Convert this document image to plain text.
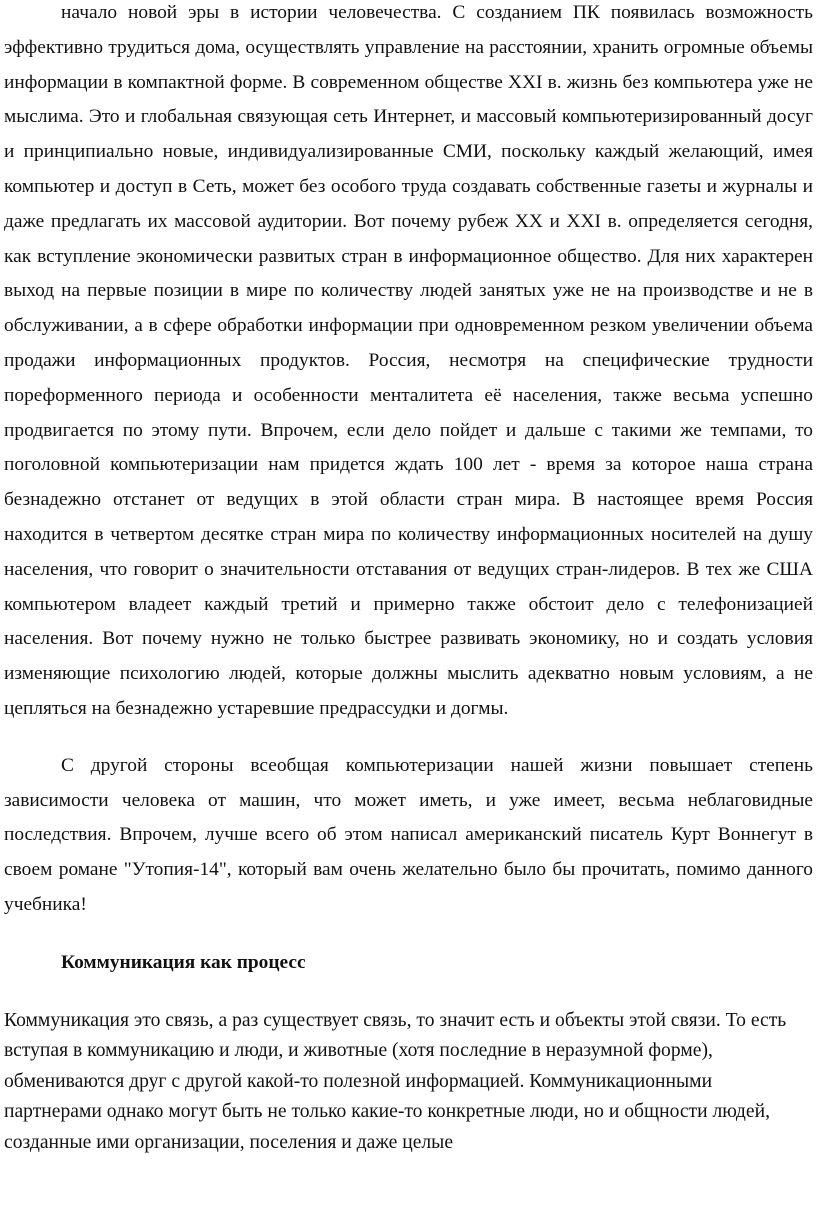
начало новой эры в истории человечества. С созданием ПК появилась возможность эффективно трудиться дома, осуществлять управление на расстоянии, хранить огромные объемы информации в компактной форме. В современном обществе XXI в. жизнь без компьютера уже не мыслима. Это и глобальная связующая сеть Интернет, и массовый компьютеризированный досуг и принципиально новые, индивидуализированные СМИ, поскольку каждый желающий, имея компьютер и доступ в Сеть, может без особого труда создавать собственные газеты и журналы и даже предлагать их массовой аудитории. Вот почему рубеж XX и XXI в. определяется сегодня, как вступление экономически развитых стран в информационное общество. Для них характерен выход на первые позиции в мире по количеству людей занятых уже не на производстве и не в обслуживании, а в сфере обработки информации при одновременном резком увеличении объема продажи информационных продуктов. Россия, несмотря на специфические трудности пореформенного периода и особенности менталитета её населения, также весьма успешно продвигается по этому пути. Впрочем, если дело пойдет и дальше с такими же темпами, то поголовной компьютеризации нам придется ждать 100 лет - время за которое наша страна безнадежно отстанет от ведущих в этой области стран мира. В настоящее время Россия находится в четвертом десятке стран мира по количеству информационных носителей на душу населения, что говорит о значительности отставания от ведущих стран-лидеров. В тех же США компьютером владеет каждый третий и примерно также обстоит дело с телефонизацией населения. Вот почему нужно не только быстрее развивать экономику, но и создать условия изменяющие психологию людей, которые должны мыслить адекватно новым условиям, а не цепляться на безнадежно устаревшие предрассудки и догмы.

С другой стороны всеобщая компьютеризации нашей жизни повышает степень зависимости человека от машин, что может иметь, и уже имеет, весьма неблаговидные последствия. Впрочем, лучше всего об этом написал американский писатель Курт Воннегут в своем романе "Утопия-14", который вам очень желательно было бы прочитать, помимо данного учебника!

Коммуникация как процесс

Коммуникация это связь, а раз существует связь, то значит есть и объекты этой связи. То есть вступая в коммуникацию и люди, и животные (хотя последние в неразумной форме), обмениваются друг с другой какой-то полезной информацией. Коммуникационными партнерами однако могут быть не только какие-то конкретные люди, но и общности людей, созданные ими организации, поселения и даже целые
